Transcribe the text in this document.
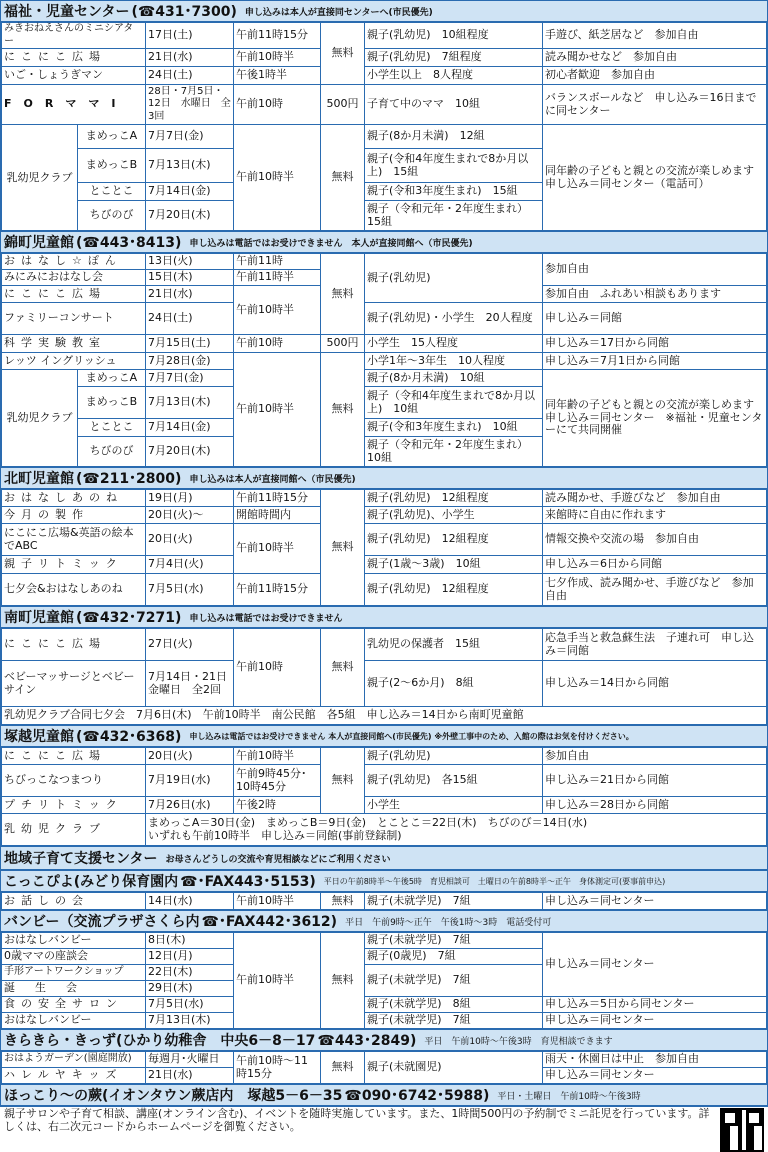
福祉・児童センター (☎431･7300) 申し込みは本人が直接同センターへ(市民優先)
みきおねえさんのミニシアター		17日(土)	午前11時15分	無料	親子(乳幼児)　10組程度	手遊び、紙芝居など　参加自由
にこにこ広場		21日(水)	午前10時半		親子(乳幼児)　7組程度	読み聞かせなど　参加自由
いご・しょうぎマン		24日(土)	午後1時半		小学生以上　8人程度	初心者歓迎　参加自由
FORママI		28日・7月5日・12日　水曜日　全3回	午前10時	500円	子育て中のママ　10組	バランスボールなど　申し込み＝16日までに同センター
乳幼児クラブ	まめっこA	7月7日(金)	午前10時半	無料	親子(8か月未満)　12組	同年齢の子どもと親との交流が楽しめます　申し込み＝同センター（電話可）
	まめっこB	7月13日(木)			親子(令和4年度生まれで8か月以上)　15組	
	とことこ	7月14日(金)			親子(令和3年度生まれ)　15組	
	ちびのび	7月20日(木)			親子（令和元年・2年度生まれ）　15組	
錦町児童館 (☎443･8413) 申し込みは電話ではお受けできません　本人が直接同館へ（市民優先)
おはなし☆ぽん		13日(火)	午前11時	無料	親子(乳幼児)	参加自由
みにみにおはなし会		15日(木)	午前11時半			
にこにこ広場		21日(水)	午前10時半			参加自由　ふれあい相談もあります
ファミリーコンサート		24日(土)			親子(乳幼児)・小学生　20人程度	申し込み＝同館
科学実験教室		7月15日(土)	午前10時	500円	小学生　15人程度	申し込み＝17日から同館
レッツ イングリッシュ		7月28日(金)	午前10時半	無料	小学1年～3年生　10人程度	申し込み＝7月1日から同館
乳幼児クラブ	まめっこA	7月7日(金)			親子(8か月未満)　10組	同年齢の子どもと親との交流が楽しめます　申し込み＝同センター　※福祉・児童センターにて共同開催
	まめっこB	7月13日(木)			親子（令和4年度生まれで8か月以上)　10組	
	とことこ	7月14日(金)			親子(令和3年度生まれ)　10組	
	ちびのび	7月20日(木)			親子（令和元年・2年度生まれ）　10組	
北町児童館 (☎211･2800) 申し込みは本人が直接同館へ（市民優先)
おはなしあのね	19日(月)	午前11時15分	無料	親子(乳幼児)　12組程度	読み聞かせ、手遊びなど　参加自由
今月の製作	20日(火)～	開館時間内		親子(乳幼児)、小学生	来館時に自由に作れます
にこにこ広場&英語の絵本でABC	20日(火)	午前10時半		親子(乳幼児)　12組程度	情報交換や交流の場　参加自由
親子リトミック	7月4日(火)			親子(1歳～3歳)　10組	申し込み＝6日から同館
七夕会&おはなしあのね	7月5日(水)	午前11時15分		親子(乳幼児)　12組程度	七夕作成、読み聞かせ、手遊びなど　参加自由
南町児童館 (☎432･7271) 申し込みは電話ではお受けできません
にこにこ広場	27日(火)	午前10時	無料	乳幼児の保護者　15組	応急手当と救急蘇生法　子連れ可　申し込み＝同館
ベビーマッサージとベビーサイン	7月14日・21日　金曜日　全2回			親子(2～6か月)　8組	申し込み＝14日から同館
乳幼児クラブ合同七夕会　7月6日(木)　午前10時半　南公民館　各5組　申し込み＝14日から南町児童館					
塚越児童館 (☎432･6368) 申し込みは電話ではお受けできません 本人が直接同館へ(市民優先) ※外壁工事中のため、入館の際はお気を付けください。
にこにこ広場	20日(火)	午前10時半	無料	親子(乳幼児)	参加自由
ちびっこなつまつり	7月19日(水)	午前9時45分･10時45分		親子(乳幼児)　各15組	申し込み＝21日から同館
プチリトミック	7月26日(水)	午後2時		小学生	申し込み＝28日から同館
乳幼児クラブ	まめっこA＝30日(金)　まめっこB＝9日(金)　とことこ＝22日(木)　ちびのび＝14日(水)
いずれも午前10時半　申し込み＝同館(事前登録制)				
地域子育て支援センター お母さんどうしの交流や育児相談などにご利用ください
こっこぴよ(みどり保育園内 ☎･FAX443･5153) 平日の午前8時半～午後5時　育児相談可　土曜日の午前8時半～正午　身体測定可(要事前申込)
お話しの会	14日(水)	午前10時半	無料	親子(未就学児)　7組	申し込み＝同センター
バンビー（交流プラザさくら内 ☎･FAX442･3612) 平日　午前9時～正午　午後1時～3時　電話受付可
おはなしバンビー	8日(木)	午前10時半	無料	親子(未就学児)　7組	申し込み＝同センター
0歳ママの座談会	12日(月)			親子(0歳児)　7組	
手形アートワークショップ	22日(木)			親子(未就学児)　7組	
誕生会	29日(木)				
食の安全サロン	7月5日(水)			親子(未就学児)　8組	申し込み＝5日から同センター
おはなしバンビー	7月13日(木)			親子(未就学児)　7組	申し込み＝同センター
きらきら・きっず(ひかり幼稚舎　中央6－8－17 ☎443･2849) 平日　午前10時～午後3時　育児相談できます
おはようガーデン(園庭開放)	毎週月･火曜日	午前10時～11時15分	無料	親子(未就園児)	雨天・休園日は中止　参加自由
ハレルヤキッズ	21日(水)				申し込み＝同センター
ほっこり～の蕨(イオンタウン蕨店内　塚越5－6－35 ☎090･6742･5988) 平日・土曜日　午前10時～午後3時
親子サロンや子育て相談、講座(オンライン含む)、イベントを随時実施しています。また、1時間500円の予約制でミニ託児を行っています。詳しくは、右二次元コードからホームページを御覧ください。
